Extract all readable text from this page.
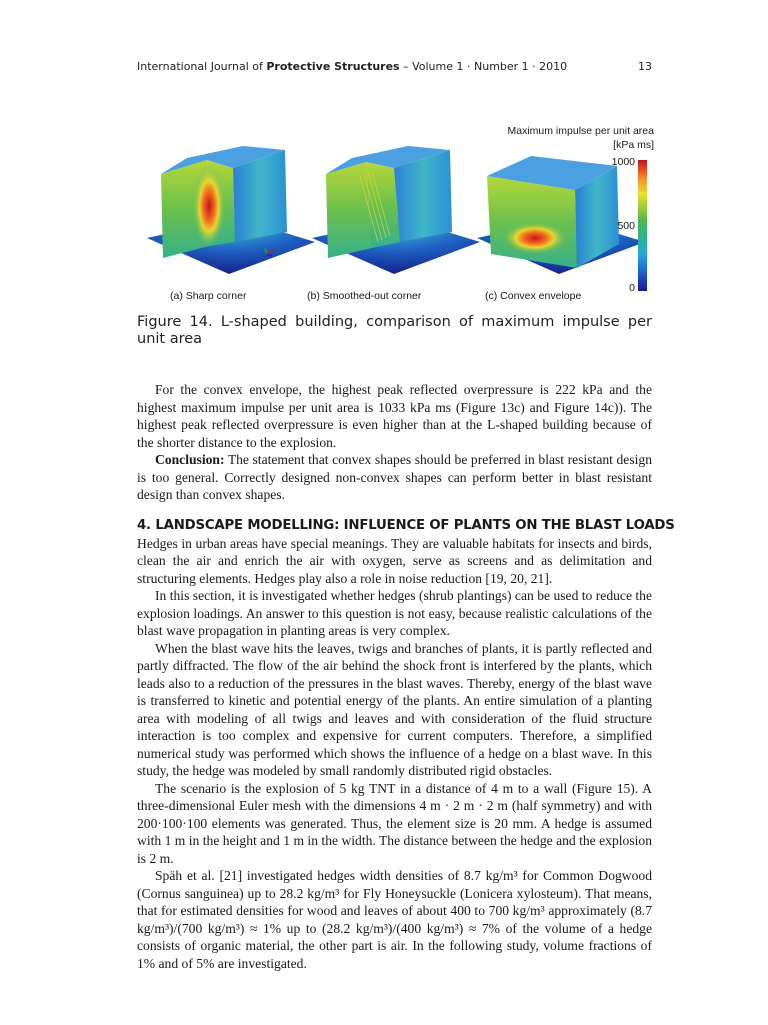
International Journal of Protective Structures – Volume 1 · Number 1 · 2010	13
(a) Sharp corner	(b) Smoothed-out corner	(c) Convex envelope
Maximum impulse per unit area
[kPa ms]
1000
500
0
Figure 14. L-shaped building, comparison of maximum impulse per unit area

For the convex envelope, the highest peak reflected overpressure is 222 kPa and the highest maximum impulse per unit area is 1033 kPa ms (Figure 13c) and Figure 14c)). The highest peak reflected overpressure is even higher than at the L-shaped building because of the shorter distance to the explosion.

Conclusion: The statement that convex shapes should be preferred in blast resistant design is too general. Correctly designed non-convex shapes can perform better in blast resistant design than convex shapes.

4. LANDSCAPE MODELLING: INFLUENCE OF PLANTS ON THE BLAST LOADS

Hedges in urban areas have special meanings. They are valuable habitats for insects and birds, clean the air and enrich the air with oxygen, serve as screens and as delimitation and structuring elements. Hedges play also a role in noise reduction [19, 20, 21].

In this section, it is investigated whether hedges (shrub plantings) can be used to reduce the explosion loadings. An answer to this question is not easy, because realistic calculations of the blast wave propagation in planting areas is very complex.

When the blast wave hits the leaves, twigs and branches of plants, it is partly reflected and partly diffracted. The flow of the air behind the shock front is interfered by the plants, which leads also to a reduction of the pressures in the blast waves. Thereby, energy of the blast wave is transferred to kinetic and potential energy of the plants. An entire simulation of a planting area with modeling of all twigs and leaves and with consideration of the fluid structure interaction is too complex and expensive for current computers. Therefore, a simplified numerical study was performed which shows the influence of a hedge on a blast wave. In this study, the hedge was modeled by small randomly distributed rigid obstacles.

The scenario is the explosion of 5 kg TNT in a distance of 4 m to a wall (Figure 15). A three-dimensional Euler mesh with the dimensions 4 m · 2 m · 2 m (half symmetry) and with 200·100·100 elements was generated. Thus, the element size is 20 mm. A hedge is assumed with 1 m in the height and 1 m in the width. The distance between the hedge and the explosion is 2 m.

Späh et al. [21] investigated hedges width densities of 8.7 kg/m³ for Common Dogwood (Cornus sanguinea) up to 28.2 kg/m³ for Fly Honeysuckle (Lonicera xylosteum). That means, that for estimated densities for wood and leaves of about 400 to 700 kg/m³ approximately (8.7 kg/m³)/(700 kg/m³) ≈ 1% up to (28.2 kg/m³)/(400 kg/m³) ≈ 7% of the volume of a hedge consists of organic material, the other part is air. In the following study, volume fractions of 1% and of 5% are investigated.
